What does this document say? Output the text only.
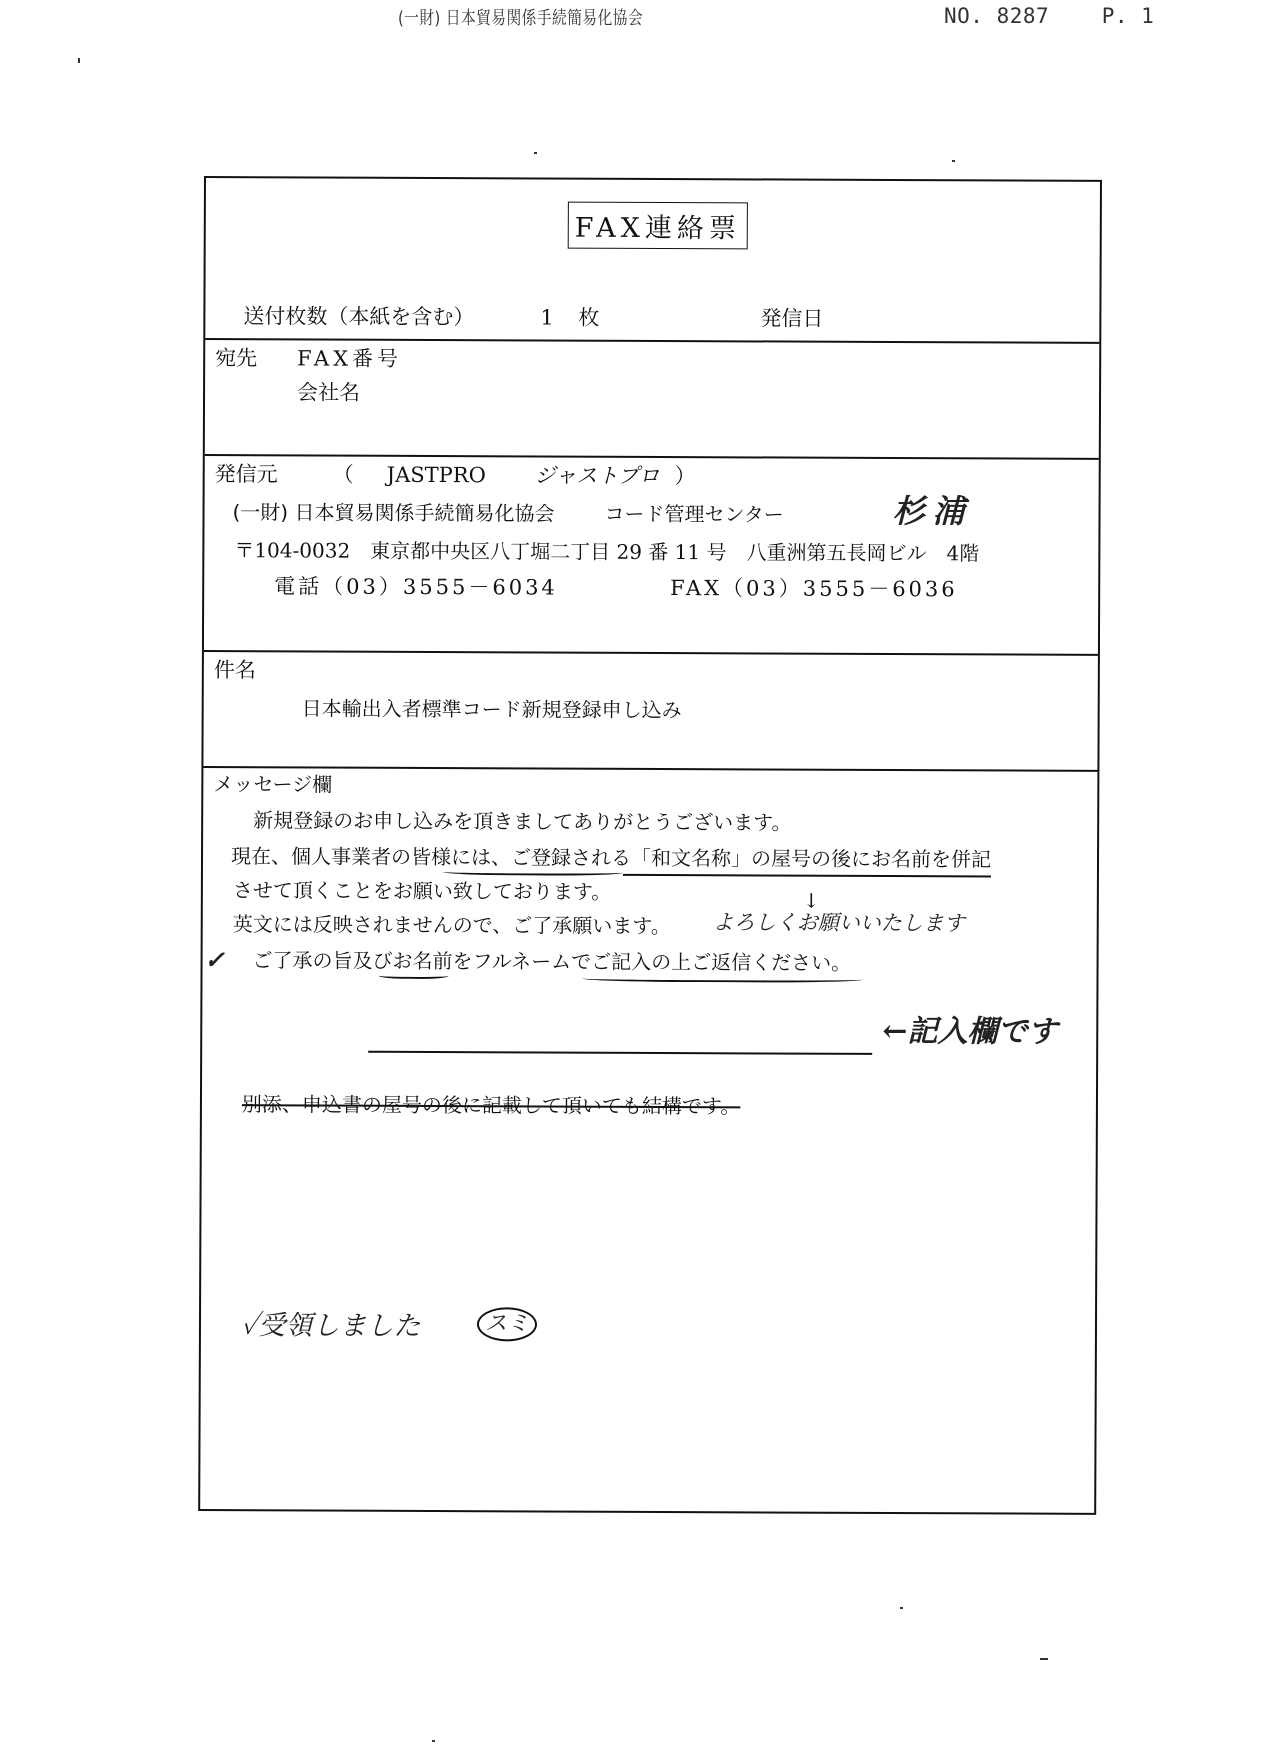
(一財) 日本貿易関係手続簡易化協会	NO. 8287	P. 1
FAX連絡票
送付枚数（本紙を含む）	1 枚	発信日
宛先 FAX番号
会社名
発信元	（ JASTPRO ジャストプロ ）
(一財) 日本貿易関係手続簡易化協会 コード管理センター	杉浦
〒104-0032　東京都中央区八丁堀二丁目 29 番 11 号　八重洲第五長岡ビル　4階
電話（03）3555－6034	FAX（03）3555－6036
件名
日本輸出入者標準コード新規登録申し込み
メッセージ欄
新規登録のお申し込みを頂きましてありがとうございます。
現在、個人事業者の皆様には、ご登録される「和文名称」の屋号の後にお名前を併記
させて頂くことをお願い致しております。
英文には反映されませんので、ご了承願います。 よろしくお願いいたします
✓ ご了承の旨及びお名前をフルネームでご記入の上ご返信ください。
↓
←記入欄です
別添、申込書の屋号の後に記載して頂いても結構です。
✓受領しました	スミ
